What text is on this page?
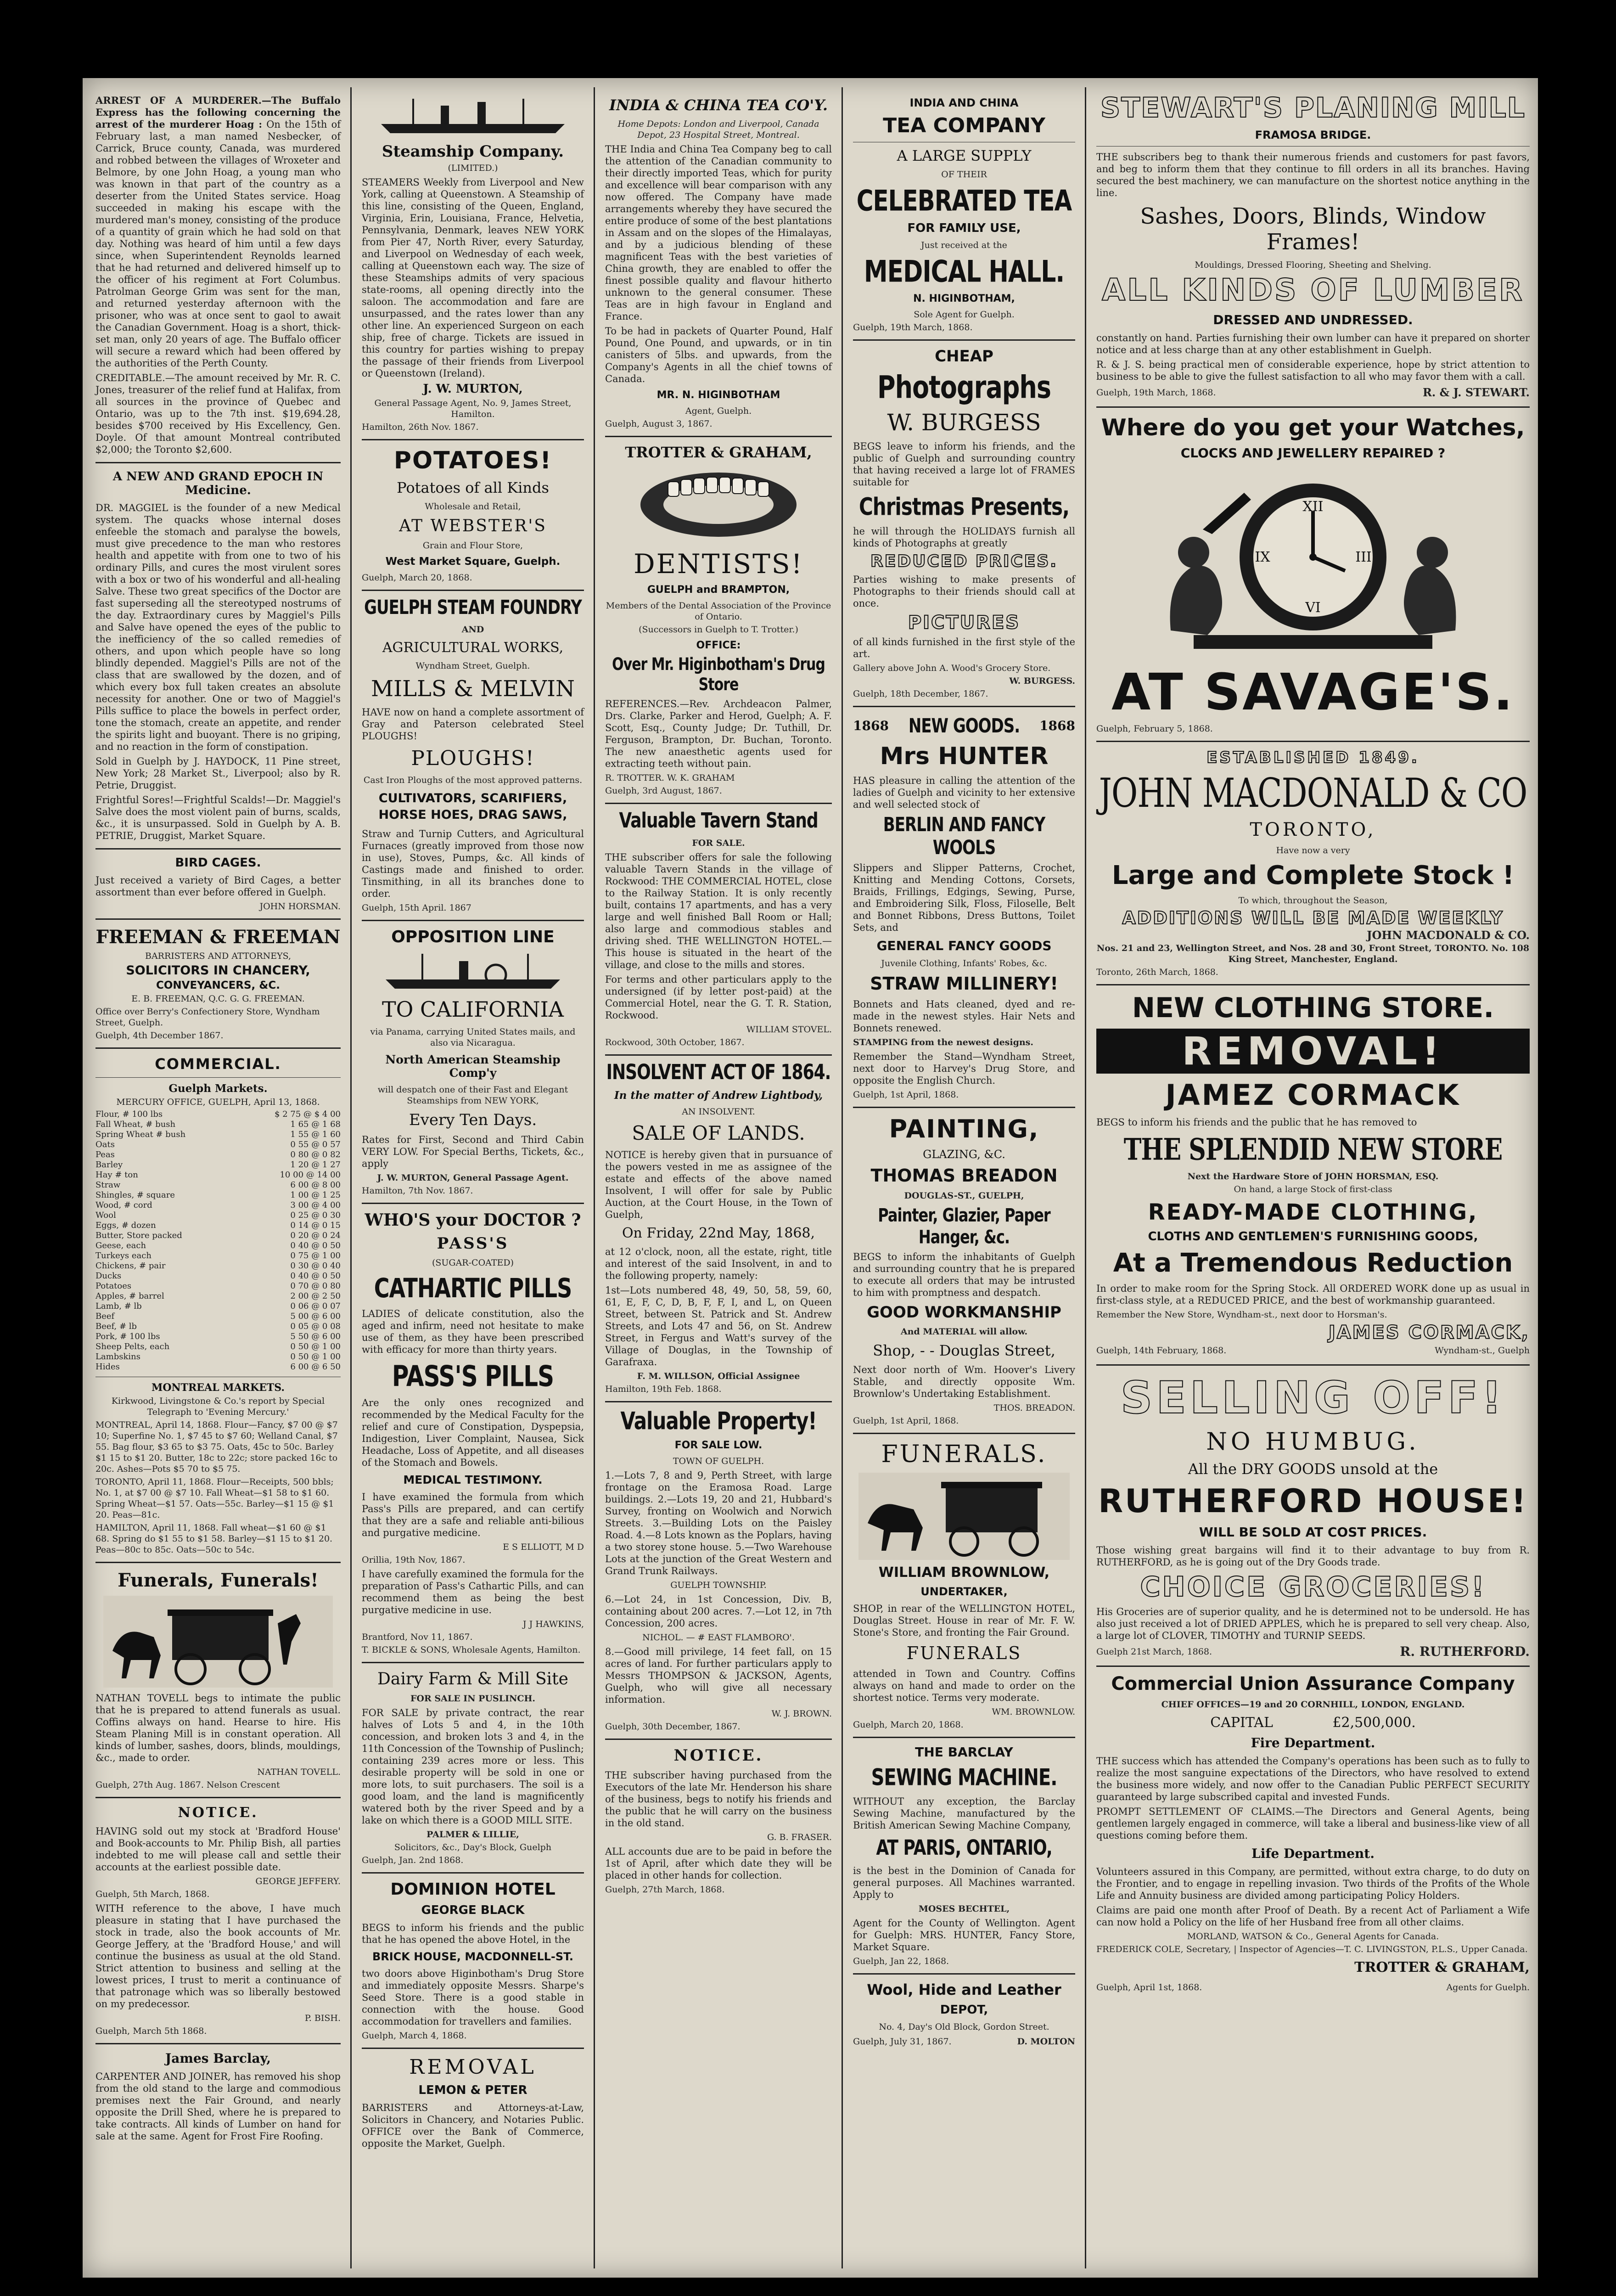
ARREST OF A MURDERER.—The Buffalo Express has the following concerning the arrest of the murderer Hoag : On the 15th of February last, a man named Nesbecker, of Carrick, Bruce county, Canada, was murdered and robbed between the villages of Wroxeter and Belmore, by one John Hoag, a young man who was known in that part of the country as a deserter from the United States service. Hoag succeeded in making his escape with the murdered man's money, consisting of the produce of a quantity of grain which he had sold on that day. Nothing was heard of him until a few days since, when Superintendent Reynolds learned that he had returned and delivered himself up to the officer of his regiment at Fort Columbus. Patrolman George Grim was sent for the man, and returned yesterday afternoon with the prisoner, who was at once sent to gaol to await the Canadian Government. Hoag is a short, thick-set man, only 20 years of age. The Buffalo officer will secure a reward which had been offered by the authorities of the Perth County.

CREDITABLE.—The amount received by Mr. R. C. Jones, treasurer of the relief fund at Halifax, from all sources in the province of Quebec and Ontario, was up to the 7th inst. $19,694.28, besides $700 received by His Excellency, Gen. Doyle. Of that amount Montreal contributed $2,000; the Toronto $2,600.

A NEW AND GRAND EPOCH IN Medicine.

DR. MAGGIEL is the founder of a new Medical system. The quacks whose internal doses enfeeble the stomach and paralyse the bowels, must give precedence to the man who restores health and appetite with from one to two of his ordinary Pills, and cures the most virulent sores with a box or two of his wonderful and all-healing Salve. These two great specifics of the Doctor are fast superseding all the stereotyped nostrums of the day. Extraordinary cures by Maggiel's Pills and Salve have opened the eyes of the public to the inefficiency of the so called remedies of others, and upon which people have so long blindly depended. Maggiel's Pills are not of the class that are swallowed by the dozen, and of which every box full taken creates an absolute necessity for another. One or two of Maggiel's Pills suffice to place the bowels in perfect order, tone the stomach, create an appetite, and render the spirits light and buoyant. There is no griping, and no reaction in the form of constipation.

Sold in Guelph by J. HAYDOCK, 11 Pine street, New York; 28 Market St., Liverpool; also by R. Petrie, Druggist.

Frightful Sores!—Frightful Scalds!—Dr. Maggiel's Salve does the most violent pain of burns, scalds, &c., it is unsurpassed. Sold in Guelph by A. B. PETRIE, Druggist, Market Square.

BIRD CAGES.

Just received a variety of Bird Cages, a better assortment than ever before offered in Guelph.

JOHN HORSMAN.

FREEMAN & FREEMAN
BARRISTERS AND ATTORNEYS,
SOLICITORS IN CHANCERY,
CONVEYANCERS, &C.
E. B. FREEMAN, Q.C. G. G. FREEMAN.

Office over Berry's Confectionery Store, Wyndham Street, Guelph.

Guelph, 4th December 1867.

COMMERCIAL.
Guelph Markets.
MERCURY OFFICE, GUELPH, April 13, 1868.
Flour, # 100 lbs	$ 2 75 @ $ 4 00
Fall Wheat, # bush	1 65 @ 1 68
Spring Wheat # bush	1 55 @ 1 60
Oats	0 55 @ 0 57
Peas	0 80 @ 0 82
Barley	1 20 @ 1 27
Hay # ton	10 00 @ 14 00
Straw	6 00 @ 8 00
Shingles, # square	1 00 @ 1 25
Wood, # cord	3 00 @ 4 00
Wool	0 25 @ 0 30
Eggs, # dozen	0 14 @ 0 15
Butter, Store packed	0 20 @ 0 24
Geese, each	0 40 @ 0 50
Turkeys each	0 75 @ 1 00
Chickens, # pair	0 30 @ 0 40
Ducks	0 40 @ 0 50
Potatoes	0 70 @ 0 80
Apples, # barrel	2 00 @ 2 50
Lamb, # lb	0 06 @ 0 07
Beef	5 00 @ 6 00
Beef, # lb	0 05 @ 0 08
Pork, # 100 lbs	5 50 @ 6 00
Sheep Pelts, each	0 50 @ 1 00
Lambskins	0 50 @ 1 00
Hides	6 00 @ 6 50
MONTREAL MARKETS.

Kirkwood, Livingstone & Co.'s report by Special Telegraph to 'Evening Mercury.'

MONTREAL, April 14, 1868. Flour—Fancy, $7 00 @ $7 10; Superfine No. 1, $7 45 to $7 60; Welland Canal, $7 55. Bag flour, $3 65 to $3 75. Oats, 45c to 50c. Barley $1 15 to $1 20. Butter, 18c to 22c; store packed 16c to 20c. Ashes—Pots $5 70 to $5 75.

TORONTO, April 11, 1868. Flour—Receipts, 500 bbls; No. 1, at $7 00 @ $7 10. Fall Wheat—$1 58 to $1 60. Spring Wheat—$1 57. Oats—55c. Barley—$1 15 @ $1 20. Peas—81c.

HAMILTON, April 11, 1868. Fall wheat—$1 60 @ $1 68. Spring do $1 55 to $1 58. Barley—$1 15 to $1 20. Peas—80c to 85c. Oats—50c to 54c.

Funerals, Funerals!

NATHAN TOVELL begs to intimate the public that he is prepared to attend funerals as usual. Coffins always on hand. Hearse to hire. His Steam Planing Mill is in constant operation. All kinds of lumber, sashes, doors, blinds, mouldings, &c., made to order.

NATHAN TOVELL.

Guelph, 27th Aug. 1867. Nelson Crescent

NOTICE.

HAVING sold out my stock at 'Bradford House' and Book-accounts to Mr. Philip Bish, all parties indebted to me will please call and settle their accounts at the earliest possible date.

GEORGE JEFFERY.

Guelph, 5th March, 1868.

WITH reference to the above, I have much pleasure in stating that I have purchased the stock in trade, also the book accounts of Mr. George Jeffery, at the 'Bradford House,' and will continue the business as usual at the old Stand. Strict attention to business and selling at the lowest prices, I trust to merit a continuance of that patronage which was so liberally bestowed on my predecessor.

P. BISH.

Guelph, March 5th 1868.

James Barclay,

CARPENTER AND JOINER, has removed his shop from the old stand to the large and commodious premises next the Fair Ground, and nearly opposite the Drill Shed, where he is prepared to take contracts. All kinds of Lumber on hand for sale at the same. Agent for Frost Fire Roofing.

Steamship Company.
(LIMITED.)

STEAMERS Weekly from Liverpool and New York, calling at Queenstown. A Steamship of this line, consisting of the Queen, England, Virginia, Erin, Louisiana, France, Helvetia, Pennsylvania, Denmark, leaves NEW YORK from Pier 47, North River, every Saturday, and Liverpool on Wednesday of each week, calling at Queenstown each way. The size of these Steamships admits of very spacious state-rooms, all opening directly into the saloon. The accommodation and fare are unsurpassed, and the rates lower than any other line. An experienced Surgeon on each ship, free of charge. Tickets are issued in this country for parties wishing to prepay the passage of their friends from Liverpool or Queenstown (Ireland).

J. W. MURTON,

General Passage Agent, No. 9, James Street, Hamilton.

Hamilton, 26th Nov. 1867.

POTATOES!
Potatoes of all Kinds
Wholesale and Retail,
AT WEBSTER'S
Grain and Flour Store,
West Market Square, Guelph.

Guelph, March 20, 1868.

GUELPH STEAM FOUNDRY
AND
AGRICULTURAL WORKS,
Wyndham Street, Guelph.
MILLS & MELVIN

HAVE now on hand a complete assortment of Gray and Paterson celebrated Steel PLOUGHS!

PLOUGHS!

Cast Iron Ploughs of the most approved patterns.

CULTIVATORS, SCARIFIERS, HORSE HOES, DRAG SAWS,

Straw and Turnip Cutters, and Agricultural Furnaces (greatly improved from those now in use), Stoves, Pumps, &c. All kinds of Castings made and finished to order. Tinsmithing, in all its branches done to order.

Guelph, 15th April. 1867

OPPOSITION LINE
TO CALIFORNIA

via Panama, carrying United States mails, and also via Nicaragua.

North American Steamship Comp'y

will despatch one of their Fast and Elegant Steamships from NEW YORK,

Every Ten Days.

Rates for First, Second and Third Cabin VERY LOW. For Special Berths, Tickets, &c., apply

J. W. MURTON, General Passage Agent.

Hamilton, 7th Nov. 1867.

WHO'S your DOCTOR ?
PASS'S
(SUGAR-COATED)
CATHARTIC PILLS

LADIES of delicate constitution, also the aged and infirm, need not hesitate to make use of them, as they have been prescribed with efficacy for more than thirty years.

PASS'S PILLS

Are the only ones recognized and recommended by the Medical Faculty for the relief and cure of Constipation, Dyspepsia, Indigestion, Liver Complaint, Nausea, Sick Headache, Loss of Appetite, and all diseases of the Stomach and Bowels.

MEDICAL TESTIMONY.

I have examined the formula from which Pass's Pills are prepared, and can certify that they are a safe and reliable anti-bilious and purgative medicine.

E S ELLIOTT, M D

Orillia, 19th Nov, 1867.

I have carefully examined the formula for the preparation of Pass's Cathartic Pills, and can recommend them as being the best purgative medicine in use.

J J HAWKINS,

Brantford, Nov 11, 1867.

T. BICKLE & SONS, Wholesale Agents, Hamilton.

Dairy Farm & Mill Site
FOR SALE IN PUSLINCH.

FOR SALE by private contract, the rear halves of Lots 5 and 4, in the 10th concession, and broken lots 3 and 4, in the 11th Concession of the Township of Puslinch; containing 239 acres more or less. This desirable property will be sold in one or more lots, to suit purchasers. The soil is a good loam, and the land is magnificently watered both by the river Speed and by a lake on which there is a GOOD MILL SITE.

PALMER & LILLIE,

Solicitors, &c., Day's Block, Guelph

Guelph, Jan. 2nd 1868.

DOMINION HOTEL
GEORGE BLACK

BEGS to inform his friends and the public that he has opened the above Hotel, in the

BRICK HOUSE, MACDONNELL-ST.

two doors above Higinbotham's Drug Store and immediately opposite Messrs. Sharpe's Seed Store. There is a good stable in connection with the house. Good accommodation for travellers and families.

Guelph, March 4, 1868.

REMOVAL
LEMON & PETER

BARRISTERS and Attorneys-at-Law, Solicitors in Chancery, and Notaries Public. OFFICE over the Bank of Commerce, opposite the Market, Guelph.

INDIA & CHINA TEA CO'Y.

Home Depots: London and Liverpool, Canada Depot, 23 Hospital Street, Montreal.

THE India and China Tea Company beg to call the attention of the Canadian community to their directly imported Teas, which for purity and excellence will bear comparison with any now offered. The Company have made arrangements whereby they have secured the entire produce of some of the best plantations in Assam and on the slopes of the Himalayas, and by a judicious blending of these magnificent Teas with the best varieties of China growth, they are enabled to offer the finest possible quality and flavour hitherto unknown to the general consumer. These Teas are in high favour in England and France.

To be had in packets of Quarter Pound, Half Pound, One Pound, and upwards, or in tin canisters of 5lbs. and upwards, from the Company's Agents in all the chief towns of Canada.

MR. N. HIGINBOTHAM

Agent, Guelph.

Guelph, August 3, 1867.

TROTTER & GRAHAM,
DENTISTS!
GUELPH and BRAMPTON,

Members of the Dental Association of the Province of Ontario.

(Successors in Guelph to T. Trotter.)

OFFICE:
Over Mr. Higinbotham's Drug Store

REFERENCES.—Rev. Archdeacon Palmer, Drs. Clarke, Parker and Herod, Guelph; A. F. Scott, Esq., County Judge; Dr. Tuthill, Dr. Ferguson, Brampton, Dr. Buchan, Toronto. The new anaesthetic agents used for extracting teeth without pain.

R. TROTTER. W. K. GRAHAM

Guelph, 3rd August, 1867.

Valuable Tavern Stand
FOR SALE.

THE subscriber offers for sale the following valuable Tavern Stands in the village of Rockwood: THE COMMERCIAL HOTEL, close to the Railway Station. It is only recently built, contains 17 apartments, and has a very large and well finished Ball Room or Hall; also large and commodious stables and driving shed. THE WELLINGTON HOTEL.—This house is situated in the heart of the village, and close to the mills and stores.

For terms and other particulars apply to the undersigned (if by letter post-paid) at the Commercial Hotel, near the G. T. R. Station, Rockwood.

WILLIAM STOVEL.

Rockwood, 30th October, 1867.

INSOLVENT ACT OF 1864.
In the matter of Andrew Lightbody,
AN INSOLVENT.
SALE OF LANDS.

NOTICE is hereby given that in pursuance of the powers vested in me as assignee of the estate and effects of the above named Insolvent, I will offer for sale by Public Auction, at the Court House, in the Town of Guelph,

On Friday, 22nd May, 1868,

at 12 o'clock, noon, all the estate, right, title and interest of the said Insolvent, in and to the following property, namely:

1st—Lots numbered 48, 49, 50, 58, 59, 60, 61, E, F, C, D, B, F, F, I, and L, on Queen Street, between St. Patrick and St. Andrew Streets, and Lots 47 and 56, on St. Andrew Street, in Fergus and Watt's survey of the Village of Douglas, in the Township of Garafraxa.

F. M. WILLSON, Official Assignee

Hamilton, 19th Feb. 1868.

Valuable Property!
FOR SALE LOW.
TOWN OF GUELPH.

1.—Lots 7, 8 and 9, Perth Street, with large frontage on the Eramosa Road. Large buildings. 2.—Lots 19, 20 and 21, Hubbard's Survey, fronting on Woolwich and Norwich Streets. 3.—Building Lots on the Paisley Road. 4.—8 Lots known as the Poplars, having a two storey stone house. 5.—Two Warehouse Lots at the junction of the Great Western and Grand Trunk Railways.

GUELPH TOWNSHIP.

6.—Lot 24, in 1st Concession, Div. B, containing about 200 acres. 7.—Lot 12, in 7th Concession, 200 acres.

NICHOL. — # EAST FLAMBORO'.

8.—Good mill privilege, 14 feet fall, on 15 acres of land. For further particulars apply to Messrs THOMPSON & JACKSON, Agents, Guelph, who will give all necessary information.

W. J. BROWN.

Guelph, 30th December, 1867.

NOTICE.

THE subscriber having purchased from the Executors of the late Mr. Henderson his share of the business, begs to notify his friends and the public that he will carry on the business in the old stand.

G. B. FRASER.

ALL accounts due are to be paid in before the 1st of April, after which date they will be placed in other hands for collection.

Guelph, 27th March, 1868.

INDIA AND CHINA
TEA COMPANY
A LARGE SUPPLY
OF THEIR
CELEBRATED TEA
FOR FAMILY USE,
Just received at the
MEDICAL HALL.
N. HIGINBOTHAM,
Sole Agent for Guelph.

Guelph, 19th March, 1868.

CHEAP
Photographs
W. BURGESS

BEGS leave to inform his friends, and the public of Guelph and surrounding country that having received a large lot of FRAMES suitable for

Christmas Presents,

he will through the HOLIDAYS furnish all kinds of Photographs at greatly

REDUCED PRICES.

Parties wishing to make presents of Photographs to their friends should call at once.

PICTURES

of all kinds furnished in the first style of the art.

Gallery above John A. Wood's Grocery Store.

W. BURGESS.

Guelph, 18th December, 1867.

1868 NEW GOODS. 1868
Mrs HUNTER

HAS pleasure in calling the attention of the ladies of Guelph and vicinity to her extensive and well selected stock of

BERLIN AND FANCY WOOLS

Slippers and Slipper Patterns, Crochet, Knitting and Mending Cottons, Corsets, Braids, Frillings, Edgings, Sewing, Purse, and Embroidering Silk, Floss, Filoselle, Belt and Bonnet Ribbons, Dress Buttons, Toilet Sets, and

GENERAL FANCY GOODS

Juvenile Clothing, Infants' Robes, &c.

STRAW MILLINERY!

Bonnets and Hats cleaned, dyed and re-made in the newest styles. Hair Nets and Bonnets renewed.

STAMPING from the newest designs.

Remember the Stand—Wyndham Street, next door to Harvey's Drug Store, and opposite the English Church.

Guelph, 1st April, 1868.

PAINTING,
GLAZING, &C.
THOMAS BREADON
DOUGLAS-ST., GUELPH,
Painter, Glazier, Paper Hanger, &c.

BEGS to inform the inhabitants of Guelph and surrounding country that he is prepared to execute all orders that may be intrusted to him with promptness and despatch.

GOOD WORKMANSHIP
And MATERIAL will allow.
Shop, - - Douglas Street,

Next door north of Wm. Hoover's Livery Stable, and directly opposite Wm. Brownlow's Undertaking Establishment.

THOS. BREADON.

Guelph, 1st April, 1868.

FUNERALS.
WILLIAM BROWNLOW,
UNDERTAKER,

SHOP, in rear of the WELLINGTON HOTEL, Douglas Street. House in rear of Mr. F. W. Stone's Store, and fronting the Fair Ground.

FUNERALS

attended in Town and Country. Coffins always on hand and made to order on the shortest notice. Terms very moderate.

WM. BROWNLOW.

Guelph, March 20, 1868.

THE BARCLAY
SEWING MACHINE.

WITHOUT any exception, the Barclay Sewing Machine, manufactured by the British American Sewing Machine Company,

AT PARIS, ONTARIO,

is the best in the Dominion of Canada for general purposes. All Machines warranted. Apply to

MOSES BECHTEL,

Agent for the County of Wellington. Agent for Guelph: MRS. HUNTER, Fancy Store, Market Square.

Guelph, Jan 22, 1868.

Wool, Hide and Leather
DEPOT,

No. 4, Day's Old Block, Gordon Street.

Guelph, July 31, 1867.	D. MOLTON
STEWART'S PLANING MILL
FRAMOSA BRIDGE.

THE subscribers beg to thank their numerous friends and customers for past favors, and beg to inform them that they continue to fill orders in all its branches. Having secured the best machinery, we can manufacture on the shortest notice anything in the line.

Sashes, Doors, Blinds, Window Frames!

Mouldings, Dressed Flooring, Sheeting and Shelving.

ALL KINDS OF LUMBER
DRESSED AND UNDRESSED.

constantly on hand. Parties furnishing their own lumber can have it prepared on shorter notice and at less charge than at any other establishment in Guelph.

R. & J. S. being practical men of considerable experience, hope by strict attention to business to be able to give the fullest satisfaction to all who may favor them with a call.

Guelph, 19th March, 1868.	R. & J. STEWART.
Where do you get your Watches,
CLOCKS AND JEWELLERY REPAIRED ?
XII
III
VI
IX
AT SAVAGE'S.

Guelph, February 5, 1868.

ESTABLISHED 1849.
JOHN MACDONALD & CO
TORONTO,
Have now a very
Large and Complete Stock !
To which, throughout the Season,
ADDITIONS WILL BE MADE WEEKLY

JOHN MACDONALD & CO.

Nos. 21 and 23, Wellington Street, and Nos. 28 and 30, Front Street, TORONTO. No. 108 King Street, Manchester, England.

Toronto, 26th March, 1868.

NEW CLOTHING STORE.
REMOVAL!
JAMEZ CORMACK

BEGS to inform his friends and the public that he has removed to

THE SPLENDID NEW STORE
Next the Hardware Store of JOHN HORSMAN, ESQ.
On hand, a large Stock of first-class
READY-MADE CLOTHING,
CLOTHS AND GENTLEMEN'S FURNISHING GOODS,
At a Tremendous Reduction

In order to make room for the Spring Stock. All ORDERED WORK done up as usual in first-class style, at a REDUCED PRICE, and the best of workmanship guaranteed.

Remember the New Store, Wyndham-st., next door to Horsman's.

JAMES CORMACK,
Guelph, 14th February, 1868.	Wyndham-st., Guelph
SELLING OFF!
NO HUMBUG.
All the DRY GOODS unsold at the
RUTHERFORD HOUSE!
WILL BE SOLD AT COST PRICES.

Those wishing great bargains will find it to their advantage to buy from R. RUTHERFORD, as he is going out of the Dry Goods trade.

CHOICE GROCERIES!

His Groceries are of superior quality, and he is determined not to be undersold. He has also just received a lot of DRIED APPLES, which he is prepared to sell very cheap. Also, a large lot of CLOVER, TIMOTHY and TURNIP SEEDS.

Guelph 21st March, 1868.	R. RUTHERFORD.
Commercial Union Assurance Company
CHIEF OFFICES—19 and 20 CORNHILL, LONDON, ENGLAND.
CAPITAL	£2,500,000.
Fire Department.

THE success which has attended the Company's operations has been such as to fully to realize the most sanguine expectations of the Directors, who have resolved to extend the business more widely, and now offer to the Canadian Public PERFECT SECURITY guaranteed by large subscribed capital and invested Funds.

PROMPT SETTLEMENT OF CLAIMS.—The Directors and General Agents, being gentlemen largely engaged in commerce, will take a liberal and business-like view of all questions coming before them.

Life Department.

Volunteers assured in this Company, are permitted, without extra charge, to do duty on the Frontier, and to engage in repelling invasion. Two thirds of the Profits of the Whole Life and Annuity business are divided among participating Policy Holders.

Claims are paid one month after Proof of Death. By a recent Act of Parliament a Wife can now hold a Policy on the life of her Husband free from all other claims.

MORLAND, WATSON & Co., General Agents for Canada.

FREDERICK COLE, Secretary, | Inspector of Agencies—T. C. LIVINGSTON, P.L.S., Upper Canada.

TROTTER & GRAHAM,
Guelph, April 1st, 1868.	Agents for Guelph.
